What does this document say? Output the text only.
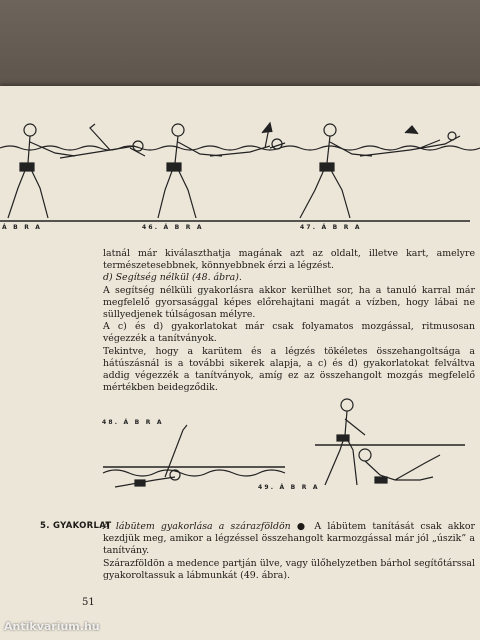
Á B R A	46. Á B R A	47. Á B R A

latnál már kiválaszthatja magának azt az oldalt, illetve kart, amelyre természetesebbnek, könnyebbnek érzi a légzést.

d) Segítség nélkül (48. ábra).

A segítség nélküli gyakorlásra akkor kerülhet sor, ha a tanuló karral már megfelelő gyorsasággal képes előrehajtani magát a vízben, hogy lábai ne süllyedjenek túlságosan mélyre.

A c) és d) gyakorlatokat már csak folyamatos mozgással, ritmusosan végezzék a tanítványok.

Tekintve, hogy a karütem és a légzés tökéletes összehangoltsága a hátúszásnál is a további sikerek alapja, a c) és d) gyakorlatokat felváltva addig végezzék a tanítványok, amíg ez az összehangolt mozgás megfelelő mértékben beidegződik.

48. Á B R A
49. Á B R A
5. GYAKORLAT

A lábütem gyakorlása a szárazföldön ● A lábütem tanítását csak akkor kezdjük meg, amikor a légzéssel összehangolt karmozgással már jól „úszik” a tanítvány.

Szárazföldön a medence partján ülve, vagy ülőhelyzetben bárhol segítőtárssal gyakoroltassuk a lábmunkát (49. ábra).

51
Antikvarium.hu
